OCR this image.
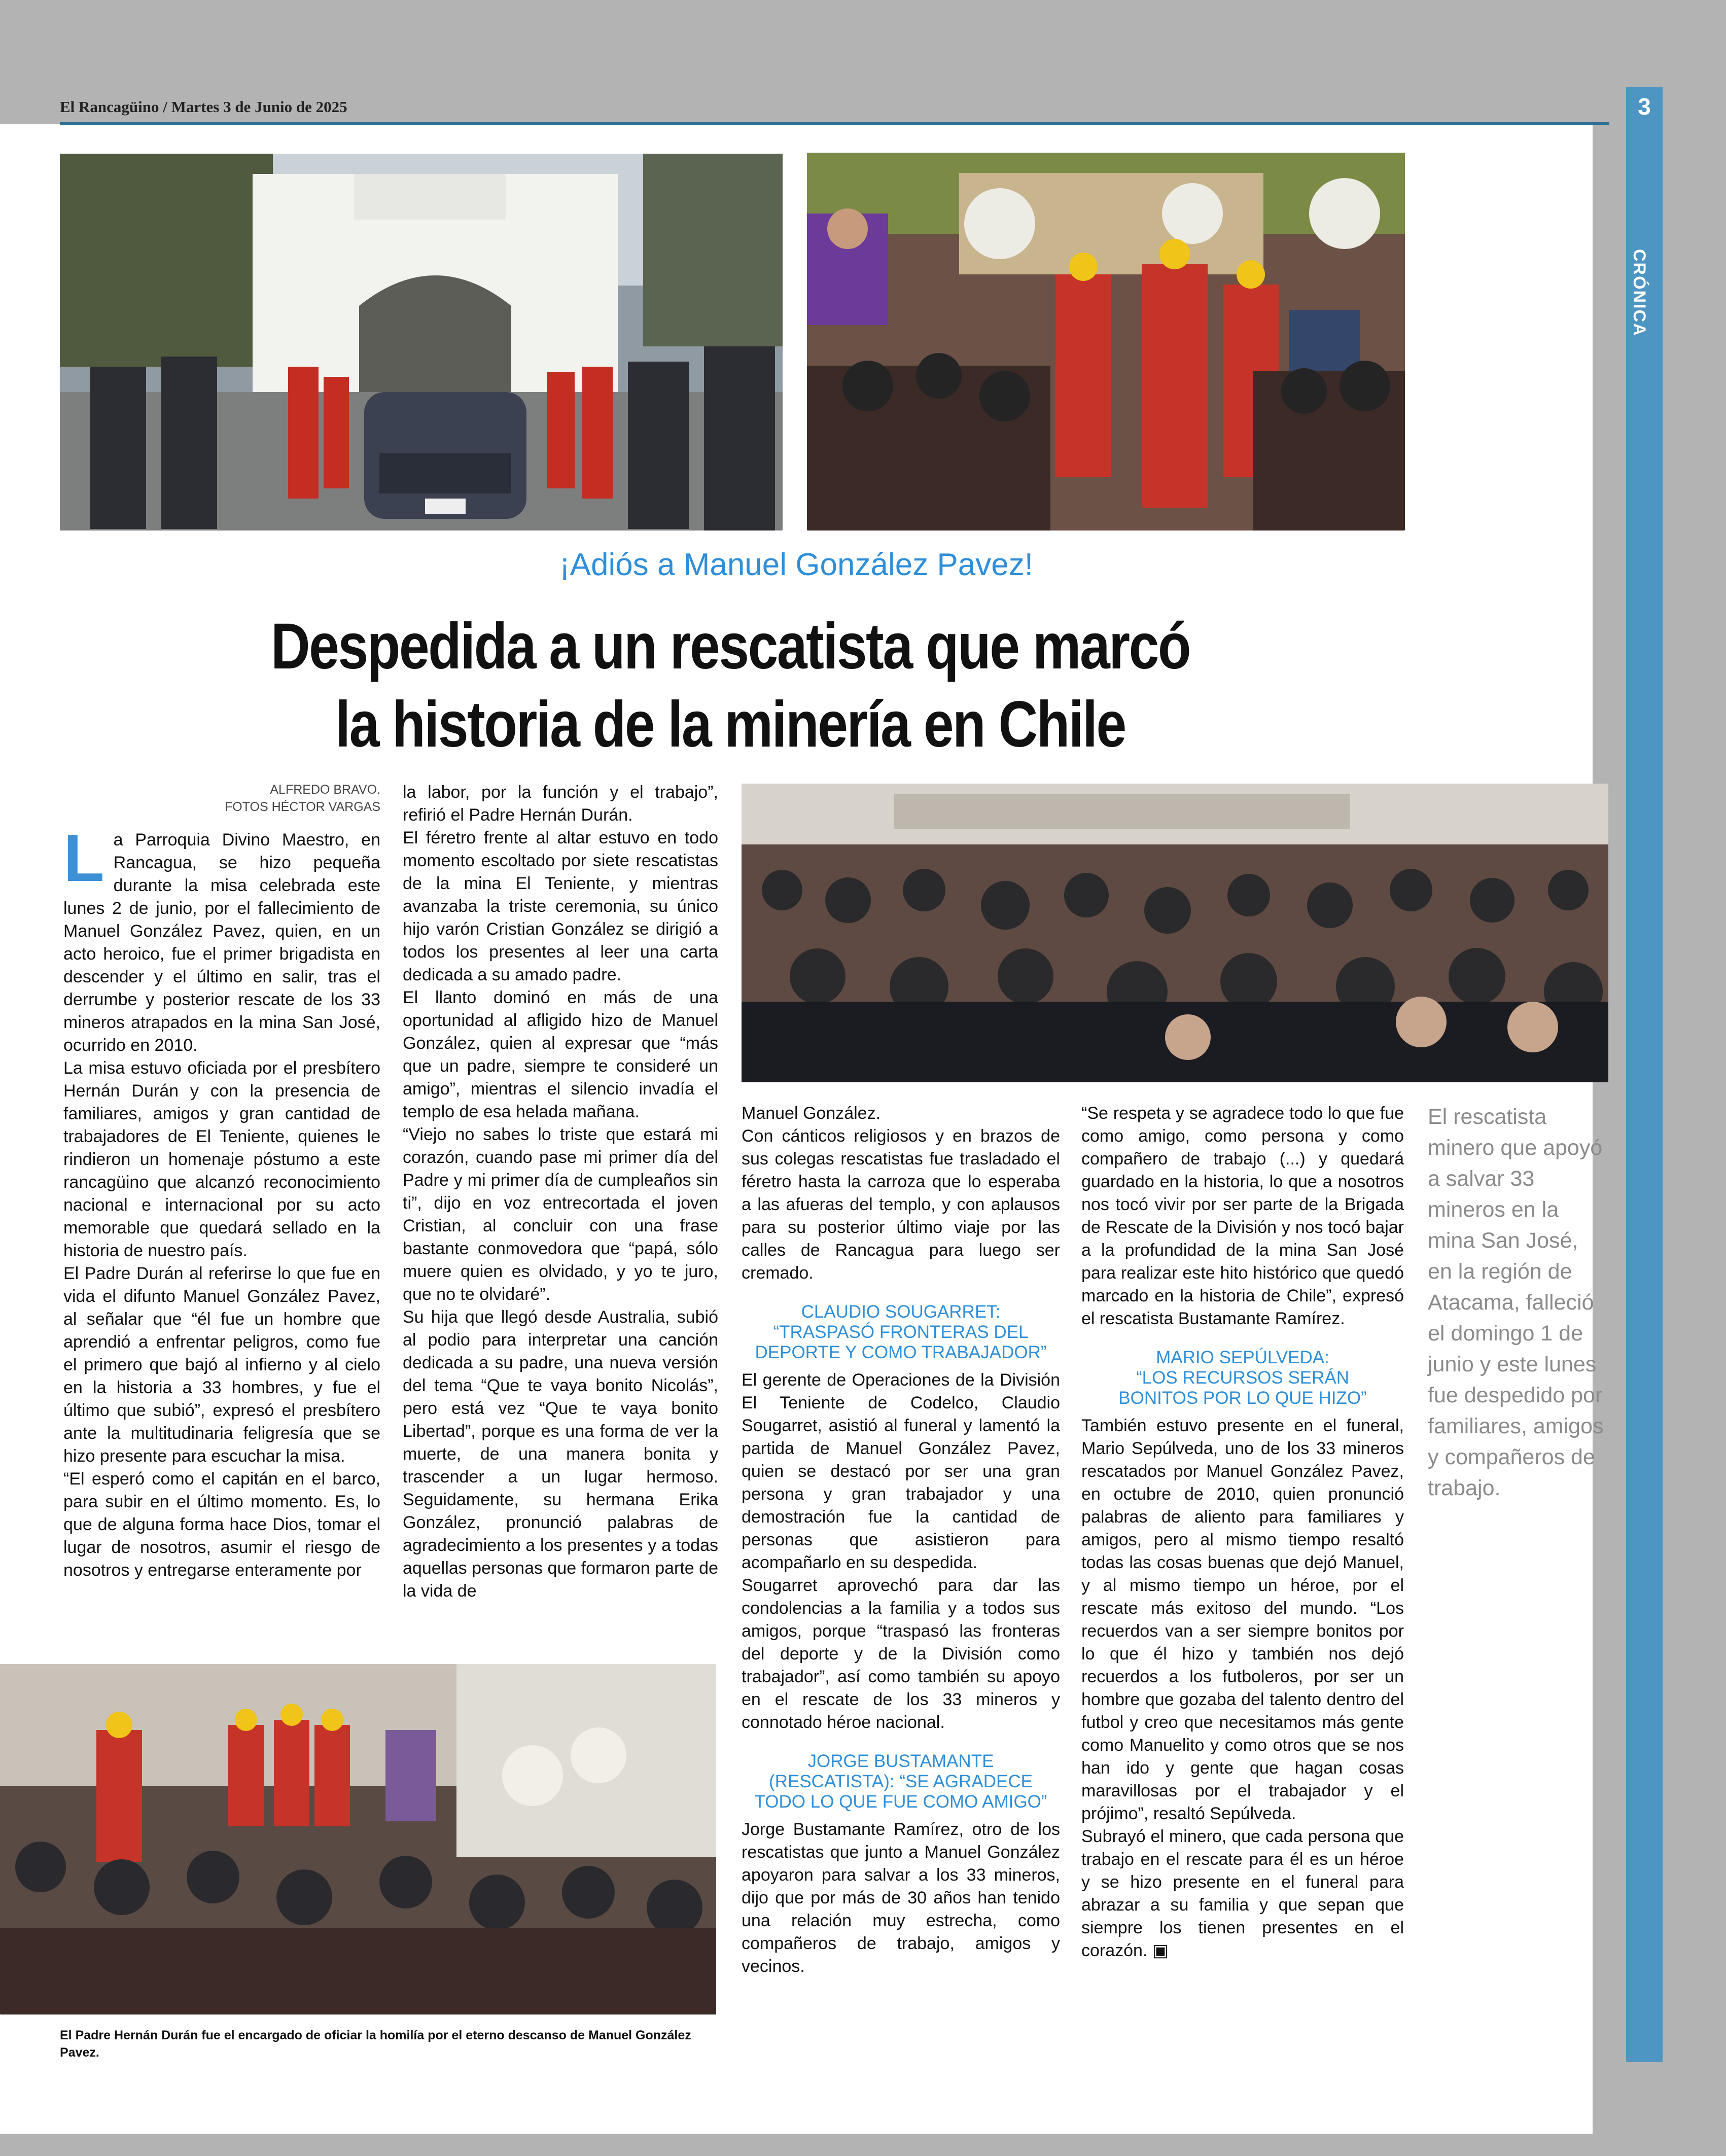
El Rancagüino / Martes 3 de Junio de 2025	3
CRÓNICA
¡Adiós a Manuel González Pavez!
Despedida a un rescatista que marcó
la historia de la minería en Chile
ALFREDO BRAVO.
FOTOS HÉCTOR VARGAS

La Parroquia Divino Maestro, en Rancagua, se hizo pequeña durante la misa celebrada este lunes 2 de junio, por el fallecimiento de Manuel González Pavez, quien, en un acto heroico, fue el primer brigadista en descender y el último en salir, tras el derrumbe y posterior rescate de los 33 mineros atrapados en la mina San José, ocurrido en 2010.

La misa estuvo oficiada por el presbítero Hernán Durán y con la presencia de familiares, amigos y gran cantidad de trabajadores de El Teniente, quienes le rindieron un homenaje póstumo a este rancagüino que alcanzó reconocimiento nacional e internacional por su acto memorable que quedará sellado en la historia de nuestro país.

El Padre Durán al referirse lo que fue en vida el difunto Manuel González Pavez, al señalar que “él fue un hombre que aprendió a enfrentar peligros, como fue el primero que bajó al infierno y al cielo en la historia a 33 hombres, y fue el último que subió”, expresó el presbítero ante la multitudinaria feligresía que se hizo presente para escuchar la misa.

“El esperó como el capitán en el barco, para subir en el último momento. Es, lo que de alguna forma hace Dios, tomar el lugar de nosotros, asumir el riesgo de nosotros y entregarse enteramente por

la labor, por la función y el trabajo”, refirió el Padre Hernán Durán.

El féretro frente al altar estuvo en todo momento escoltado por siete rescatistas de la mina El Teniente, y mientras avanzaba la triste ceremonia, su único hijo varón Cristian González se dirigió a todos los presentes al leer una carta dedicada a su amado padre.

El llanto dominó en más de una oportunidad al afligido hizo de Manuel González, quien al expresar que “más que un padre, siempre te consideré un amigo”, mientras el silencio invadía el templo de esa helada mañana.

“Viejo no sabes lo triste que estará mi corazón, cuando pase mi primer día del Padre y mi primer día de cumpleaños sin ti”, dijo en voz entrecortada el joven Cristian, al concluir con una frase bastante conmovedora que “papá, sólo muere quien es olvidado, y yo te juro, que no te olvidaré”.

Su hija que llegó desde Australia, subió al podio para interpretar una canción dedicada a su padre, una nueva versión del tema “Que te vaya bonito Nicolás”, pero está vez “Que te vaya bonito Libertad”, porque es una forma de ver la muerte, de una manera bonita y trascender a un lugar hermoso. Seguidamente, su hermana Erika González, pronunció palabras de agradecimiento a los presentes y a todas aquellas personas que formaron parte de la vida de

Manuel González.

Con cánticos religiosos y en brazos de sus colegas rescatistas fue trasladado el féretro hasta la carroza que lo esperaba a las afueras del templo, y con aplausos para su posterior último viaje por las calles de Rancagua para luego ser cremado.

CLAUDIO SOUGARRET:
“TRASPASÓ FRONTERAS DEL
DEPORTE Y COMO TRABAJADOR”

El gerente de Operaciones de la División El Teniente de Codelco, Claudio Sougarret, asistió al funeral y lamentó la partida de Manuel González Pavez, quien se destacó por ser una gran persona y gran trabajador y una demostración fue la cantidad de personas que asistieron para acompañarlo en su despedida.

Sougarret aprovechó para dar las condolencias a la familia y a todos sus amigos, porque “traspasó las fronteras del deporte y de la División como trabajador”, así como también su apoyo en el rescate de los 33 mineros y connotado héroe nacional.

JORGE BUSTAMANTE
(RESCATISTA): “SE AGRADECE
TODO LO QUE FUE COMO AMIGO”

Jorge Bustamante Ramírez, otro de los rescatistas que junto a Manuel González apoyaron para salvar a los 33 mineros, dijo que por más de 30 años han tenido una relación muy estrecha, como compañeros de trabajo, amigos y vecinos.

“Se respeta y se agradece todo lo que fue como amigo, como persona y como compañero de trabajo (...) y quedará guardado en la historia, lo que a nosotros nos tocó vivir por ser parte de la Brigada de Rescate de la División y nos tocó bajar a la profundidad de la mina San José para realizar este hito histórico que quedó marcado en la historia de Chile”, expresó el rescatista Bustamante Ramírez.

MARIO SEPÚLVEDA:
“LOS RECURSOS SERÁN
BONITOS POR LO QUE HIZO”

También estuvo presente en el funeral, Mario Sepúlveda, uno de los 33 mineros rescatados por Manuel González Pavez, en octubre de 2010, quien pronunció palabras de aliento para familiares y amigos, pero al mismo tiempo resaltó todas las cosas buenas que dejó Manuel, y al mismo tiempo un héroe, por el rescate más exitoso del mundo. “Los recuerdos van a ser siempre bonitos por lo que él hizo y también nos dejó recuerdos a los futboleros, por ser un hombre que gozaba del talento dentro del futbol y creo que necesitamos más gente como Manuelito y como otros que se nos han ido y gente que hagan cosas maravillosas por el trabajador y el prójimo”, resaltó Sepúlveda.

Subrayó el minero, que cada persona que trabajo en el rescate para él es un héroe y se hizo presente en el funeral para abrazar a su familia y que sepan que siempre los tienen presentes en el corazón. ▣

El Padre Hernán Durán fue el encargado de oficiar la homilía por el eterno descanso de Manuel González Pavez.
El rescatista minero que apoyó a salvar 33 mineros en la mina San José, en la región de Atacama, falleció el domingo 1 de junio y este lunes fue despedido por familiares, amigos y compañeros de trabajo.
